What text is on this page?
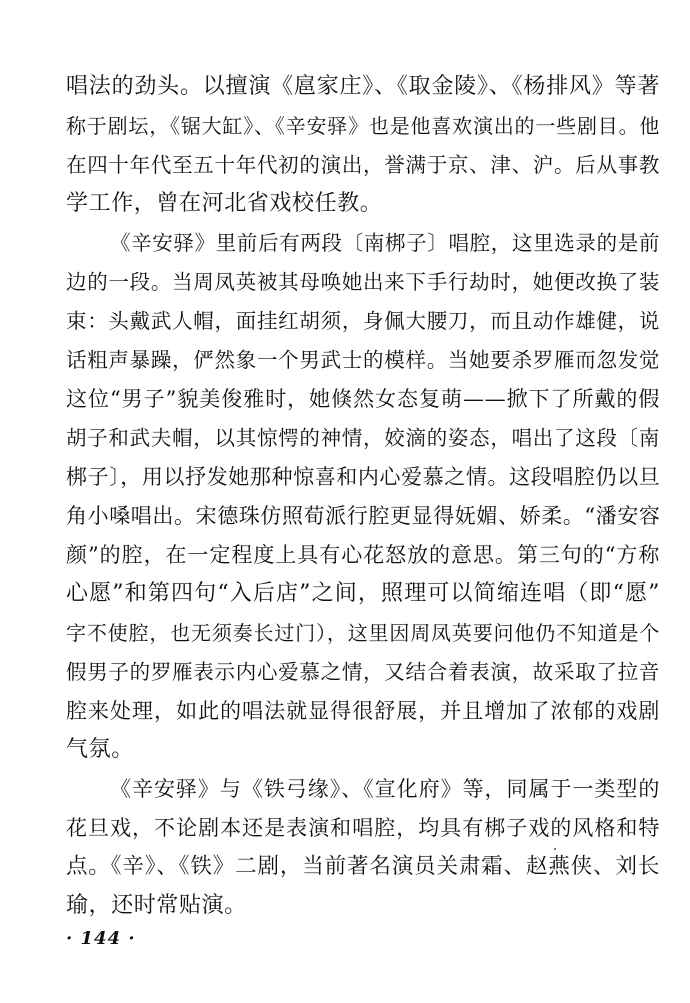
唱法的劲头。以擅演《扈家庄》、《取金陵》、《杨排风》等著
称于剧坛，《锯大缸》、《辛安驿》也是他喜欢演出的一些剧目。他
在四十年代至五十年代初的演出，誉满于京、津、沪。后从事教
学工作，曾在河北省戏校任教。
《辛安驿》里前后有两段〔南梆子〕唱腔，这里选录的是前
边的一段。当周凤英被其母唤她出来下手行劫时，她便改换了装
束：头戴武人帽，面挂红胡须，身佩大腰刀，而且动作雄健，说
话粗声暴躁，俨然象一个男武士的模样。当她要杀罗雁而忽发觉
这位“男子”貌美俊雅时，她倏然女态复萌——掀下了所戴的假
胡子和武夫帽，以其惊愕的神情，姣滴的姿态，唱出了这段〔南
梆子〕，用以抒发她那种惊喜和内心爱慕之情。这段唱腔仍以旦
角小嗓唱出。宋德珠仿照荀派行腔更显得妩媚、娇柔。“潘安容
颜”的腔，在一定程度上具有心花怒放的意思。第三句的“方称
心愿”和第四句“入后店”之间，照理可以简缩连唱（即“愿”
字不使腔，也无须奏长过门），这里因周凤英要问他仍不知道是个
假男子的罗雁表示内心爱慕之情，又结合着表演，故采取了拉音
腔来处理，如此的唱法就显得很舒展，并且增加了浓郁的戏剧
气氛。
《辛安驿》与《铁弓缘》、《宣化府》等，同属于一类型的
花旦戏，不论剧本还是表演和唱腔，均具有梆子戏的风格和特
点。《辛》、《铁》二剧，当前著名演员关肃霜、赵燕侠、刘长
瑜，还时常贴演。
· 144 ·
